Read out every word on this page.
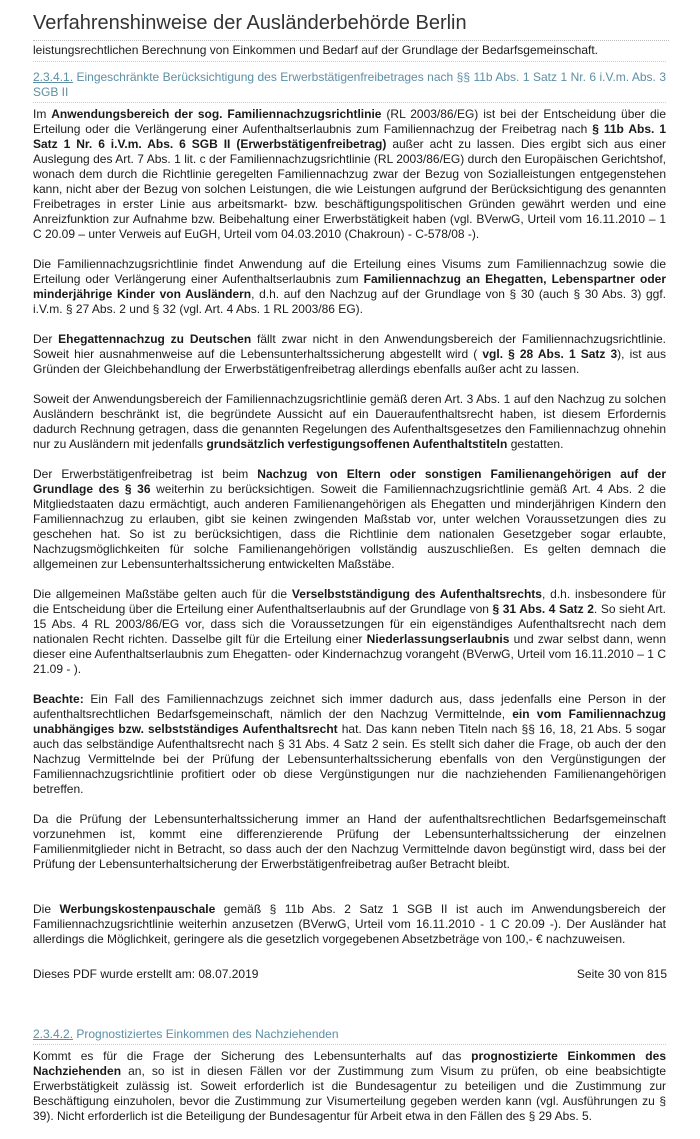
Verfahrenshinweise der Ausländerbehörde Berlin

leistungsrechtlichen Berechnung von Einkommen und Bedarf auf der Grundlage der Bedarfsgemeinschaft.

2.3.4.1. Eingeschränkte Berücksichtigung des Erwerbstätigenfreibetrages nach §§ 11b Abs. 1 Satz 1 Nr. 6 i.V.m. Abs. 3 SGB II

Im Anwendungsbereich der sog. Familiennachzugsrichtlinie (RL 2003/86/EG) ist bei der Entscheidung über die Erteilung oder die Verlängerung einer Aufenthaltserlaubnis zum Familiennachzug der Freibetrag nach § 11b Abs. 1 Satz 1 Nr. 6 i.V.m. Abs. 6 SGB II (Erwerbstätigenfreibetrag) außer acht zu lassen. Dies ergibt sich aus einer Auslegung des Art. 7 Abs. 1 lit. c der Familiennachzugsrichtlinie (RL 2003/86/EG) durch den Europäischen Gerichtshof, wonach dem durch die Richtlinie geregelten Familiennachzug zwar der Bezug von Sozialleistungen entgegenstehen kann, nicht aber der Bezug von solchen Leistungen, die wie Leistungen aufgrund der Berücksichtigung des genannten Freibetrages in erster Linie aus arbeitsmarkt- bzw. beschäftigungspolitischen Gründen gewährt werden und eine Anreizfunktion zur Aufnahme bzw. Beibehaltung einer Erwerbstätigkeit haben (vgl. BVerwG, Urteil vom 16.11.2010 – 1 C 20.09 – unter Verweis auf EuGH, Urteil vom 04.03.2010 (Chakroun) - C-578/08 -).

Die Familiennachzugsrichtlinie findet Anwendung auf die Erteilung eines Visums zum Familiennachzug sowie die Erteilung oder Verlängerung einer Aufenthaltserlaubnis zum Familiennachzug an Ehegatten, Lebenspartner oder minderjährige Kinder von Ausländern, d.h. auf den Nachzug auf der Grundlage von § 30 (auch § 30 Abs. 3) ggf. i.V.m. § 27 Abs. 2 und § 32 (vgl. Art. 4 Abs. 1 RL 2003/86 EG).

Der Ehegattennachzug zu Deutschen fällt zwar nicht in den Anwendungsbereich der Familiennachzugsrichtlinie. Soweit hier ausnahmenweise auf die Lebensunterhaltssicherung abgestellt wird ( vgl. § 28 Abs. 1 Satz 3), ist aus Gründen der Gleichbehandlung der Erwerbstätigenfreibetrag allerdings ebenfalls außer acht zu lassen.

Soweit der Anwendungsbereich der Familiennachzugsrichtlinie gemäß deren Art. 3 Abs. 1 auf den Nachzug zu solchen Ausländern beschränkt ist, die begründete Aussicht auf ein Daueraufenthaltsrecht haben, ist diesem Erfordernis dadurch Rechnung getragen, dass die genannten Regelungen des Aufenthaltsgesetzes den Familiennachzug ohnehin nur zu Ausländern mit jedenfalls grundsätzlich verfestigungsoffenen Aufenthaltstiteln gestatten.

Der Erwerbstätigenfreibetrag ist beim Nachzug von Eltern oder sonstigen Familienangehörigen auf der Grundlage des § 36 weiterhin zu berücksichtigen. Soweit die Familiennachzugsrichtlinie gemäß Art. 4 Abs. 2 die Mitgliedstaaten dazu ermächtigt, auch anderen Familienangehörigen als Ehegatten und minderjährigen Kindern den Familiennachzug zu erlauben, gibt sie keinen zwingenden Maßstab vor, unter welchen Voraussetzungen dies zu geschehen hat. So ist zu berücksichtigen, dass die Richtlinie dem nationalen Gesetzgeber sogar erlaubte, Nachzugsmöglichkeiten für solche Familienangehörigen vollständig auszuschließen. Es gelten demnach die allgemeinen zur Lebensunterhaltssicherung entwickelten Maßstäbe.

Die allgemeinen Maßstäbe gelten auch für die Verselbstständigung des Aufenthaltsrechts, d.h. insbesondere für die Entscheidung über die Erteilung einer Aufenthaltserlaubnis auf der Grundlage von § 31 Abs. 4 Satz 2. So sieht Art. 15 Abs. 4 RL 2003/86/EG vor, dass sich die Voraussetzungen für ein eigenständiges Aufenthaltsrecht nach dem nationalen Recht richten. Dasselbe gilt für die Erteilung einer Niederlassungserlaubnis und zwar selbst dann, wenn dieser eine Aufenthaltserlaubnis zum Ehegatten- oder Kindernachzug vorangeht (BVerwG, Urteil vom 16.11.2010 – 1 C 21.09 - ).

Beachte: Ein Fall des Familiennachzugs zeichnet sich immer dadurch aus, dass jedenfalls eine Person in der aufenthaltsrechtlichen Bedarfsgemeinschaft, nämlich der den Nachzug Vermittelnde, ein vom Familiennachzug unabhängiges bzw. selbstständiges Aufenthaltsrecht hat. Das kann neben Titeln nach §§ 16, 18, 21 Abs. 5 sogar auch das selbständige Aufenthaltsrecht nach § 31 Abs. 4 Satz 2 sein. Es stellt sich daher die Frage, ob auch der den Nachzug Vermittelnde bei der Prüfung der Lebensunterhaltssicherung ebenfalls von den Vergünstigungen der Familiennachzugsrichtlinie profitiert oder ob diese Vergünstigungen nur die nachziehenden Familienangehörigen betreffen.

Da die Prüfung der Lebensunterhaltssicherung immer an Hand der aufenthaltsrechtlichen Bedarfsgemeinschaft vorzunehmen ist, kommt eine differenzierende Prüfung der Lebensunterhaltssicherung der einzelnen Familienmitglieder nicht in Betracht, so dass auch der den Nachzug Vermittelnde davon begünstigt wird, dass bei der Prüfung der Lebensunterhaltsicherung der Erwerbstätigenfreibetrag außer Betracht bleibt.

Die Werbungskostenpauschale gemäß § 11b Abs. 2 Satz 1 SGB II ist auch im Anwendungsbereich der Familiennachzugsrichtlinie weiterhin anzusetzen (BVerwG, Urteil vom 16.11.2010 - 1 C 20.09 -). Der Ausländer hat allerdings die Möglichkeit, geringere als die gesetzlich vorgegebenen Absetzbeträge von 100,- € nachzuweisen.

2.3.4.2. Prognostiziertes Einkommen des Nachziehenden

Kommt es für die Frage der Sicherung des Lebensunterhalts auf das prognostizierte Einkommen des Nachziehenden an, so ist in diesen Fällen vor der Zustimmung zum Visum zu prüfen, ob eine beabsichtigte Erwerbstätigkeit zulässig ist. Soweit erforderlich ist die Bundesagentur zu beteiligen und die Zustimmung zur Beschäftigung einzuholen, bevor die Zustimmung zur Visumerteilung gegeben werden kann (vgl. Ausführungen zu § 39). Nicht erforderlich ist die Beteiligung der Bundesagentur für Arbeit etwa in den Fällen des § 29 Abs. 5.

Dieses PDF wurde erstellt am: 08.07.2019	Seite 30 von 815
